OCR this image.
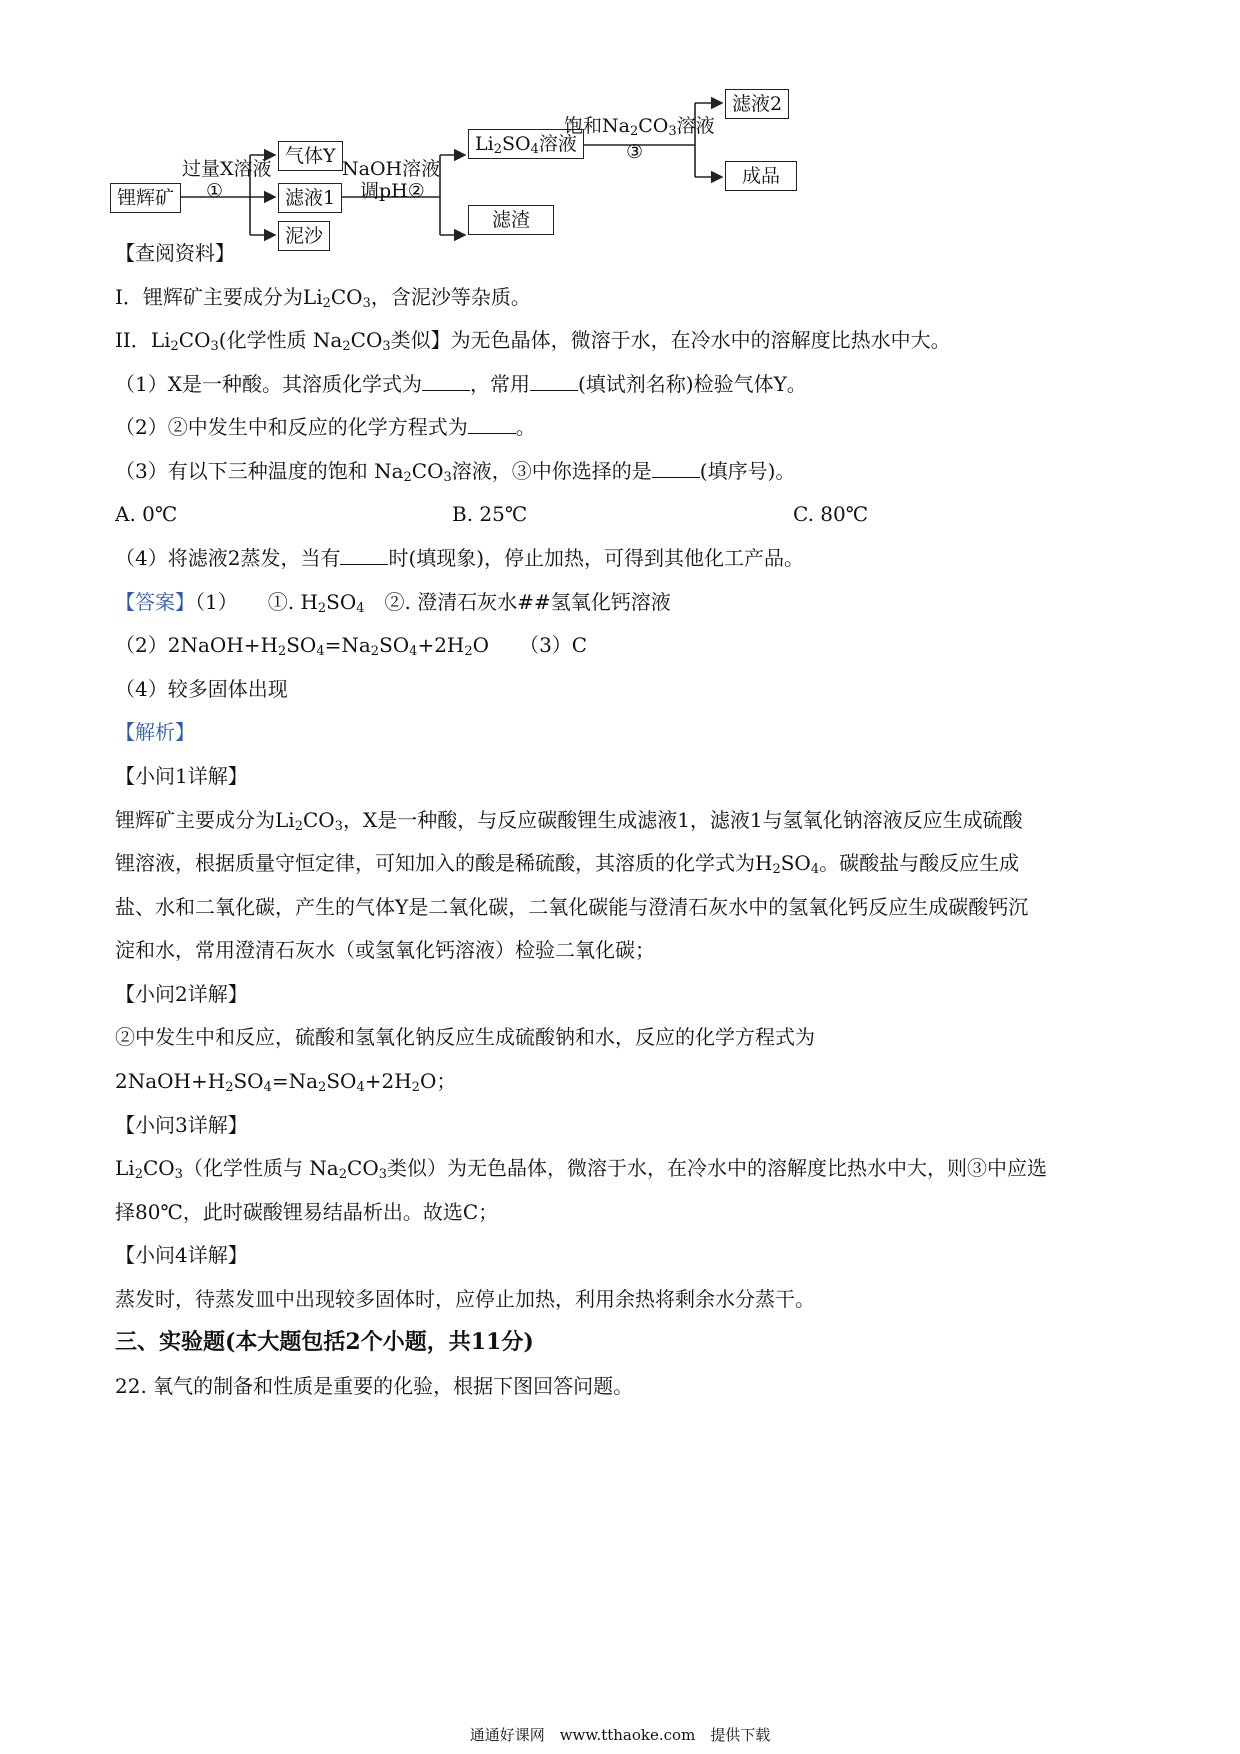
锂辉矿
过量X溶液
①
气体Y
滤液1
泥沙
NaOH溶液
调pH②
$Li_2SO_4$溶液
滤渣
饱和$Na_2CO_3$溶液
③
滤液2
成品
【查阅资料】
I．锂辉矿主要成分为$Li_2CO_3$，含泥沙等杂质。
II．$Li_2CO_3$(化学性质 $Na_2CO_3$类似】为无色晶体，微溶于水，在冷水中的溶解度比热水中大。
（1）X是一种酸。其溶质化学式为 ，常用 (填试剂名称)检验气体Y。
（2）②中发生中和反应的化学方程式为 。
（3）有以下三种温度的饱和 $Na_2CO_3$溶液，③中你选择的是 (填序号)。
A. 0℃	B. 25℃	C. 80℃
（4）将滤液2蒸发，当有 时(填现象)，停止加热，可得到其他化工产品。
【答案】（1）　　①. $H_2SO_4$　②. 澄清石灰水##氢氧化钙溶液
$(2)2NaOH+H_2SO_4=Na_2SO_4+2H_2O$　　（3）C
（4）较多固体出现
【解析】
【小问1详解】
锂辉矿主要成分为$Li_2CO_3$，X是一种酸，与反应碳酸锂生成滤液1，滤液1与氢氧化钠溶液反应生成硫酸
锂溶液，根据质量守恒定律，可知加入的酸是稀硫酸，其溶质的化学式为$H_2SO_4$。碳酸盐与酸反应生成
盐、水和二氧化碳，产生的气体Y是二氧化碳，二氧化碳能与澄清石灰水中的氢氧化钙反应生成碳酸钙沉
淀和水，常用澄清石灰水（或氢氧化钙溶液）检验二氧化碳；
【小问2详解】
②中发生中和反应，硫酸和氢氧化钠反应生成硫酸钠和水，反应的化学方程式为
$2NaOH+H_2SO_4=Na_2SO_4+2H_2O$；
【小问3详解】
$Li_2CO_3$（化学性质与 $Na_2CO_3$类似）为无色晶体，微溶于水，在冷水中的溶解度比热水中大，则③中应选
择80℃，此时碳酸锂易结晶析出。故选C；
【小问4详解】
蒸发时，待蒸发皿中出现较多固体时，应停止加热，利用余热将剩余水分蒸干。
三、实验题(本大题包括2个小题，共11分)
22. 氧气的制备和性质是重要的化验，根据下图回答问题。
通通好课网　www.tthaoke.com　提供下载
